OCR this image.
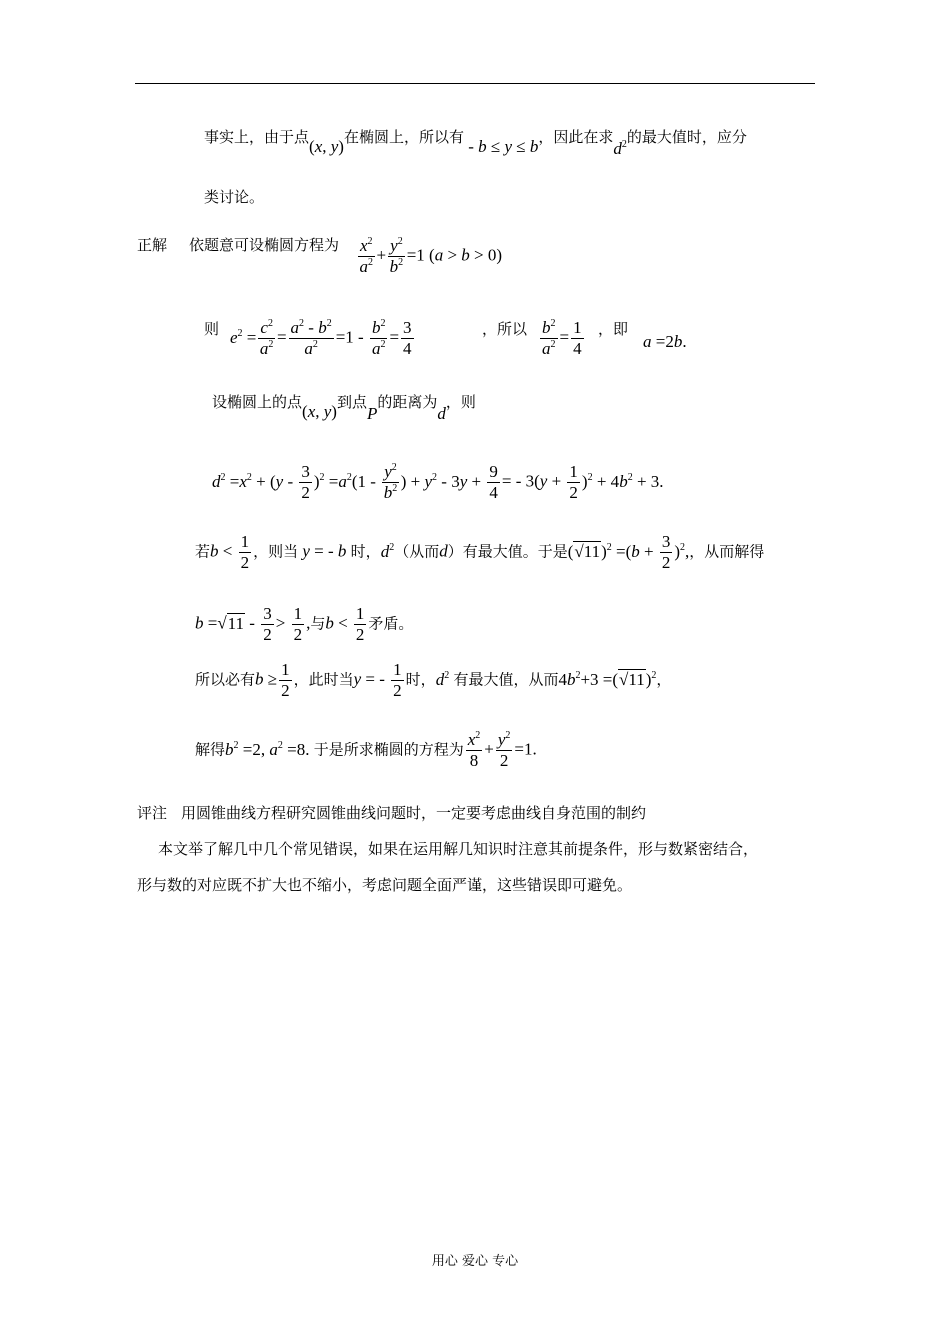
事实上，由于点(x, y)在椭圆上，所以有 - b ≤ y ≤ b，因此在求$d^2$的最大值时，应分
类讨论。
正解 依题意可设椭圆方程为 $\frac{x^2}{a^2} + \frac{y^2}{b^2} =1$ (a > b > 0)
则 $e^2 = \frac{c^2}{a^2} = \frac{a^2 - b^2}{a^2} =1 - \frac{b^2}{a^2} = \frac{3}{4}$	，所以 $\frac{b^2}{a^2} = \frac{1}{4}$ ，即
a =2b.
设椭圆上的点(x, y)到点P的距离为d，则
$d^2 =x^2 + (y - \frac{3}{2} )^2 =a^2(1 - \frac{y^2}{b^2}$ ) + $y^2 - 3y + \frac{9}{4}$ = - $3(y + \frac{1}{2} )^2 + 4b^2 + 3$.
若$b < \frac{1}{2}$ ，则当 y = - b 时，$d^2$（从而d）有最大值。于是$(√11)^2 =(b + \frac{3}{2} )^2$,，从而解得
$b =√11 - \frac{3}{2} > \frac{1}{2}$ ,与$b < \frac{1}{2}$ 矛盾。
所以必有$b \ge \frac{1}{2}$ ，此时当y = - $\frac{1}{2}$ 时，$d^2$ 有最大值，从而$4b^2+3 =(√11)^2$，
解得$b^2 =2$, $a^2 =8$. 于是所求椭圆的方程为 $\frac{x^2}{8} + \frac{y^2}{2} =1$.
评注 用圆锥曲线方程研究圆锥曲线问题时，一定要考虑曲线自身范围的制约
本文举了解几中几个常见错误，如果在运用解几知识时注意其前提条件，形与数紧密结合，
形与数的对应既不扩大也不缩小，考虑问题全面严谨，这些错误即可避免。
用心 爱心 专心
